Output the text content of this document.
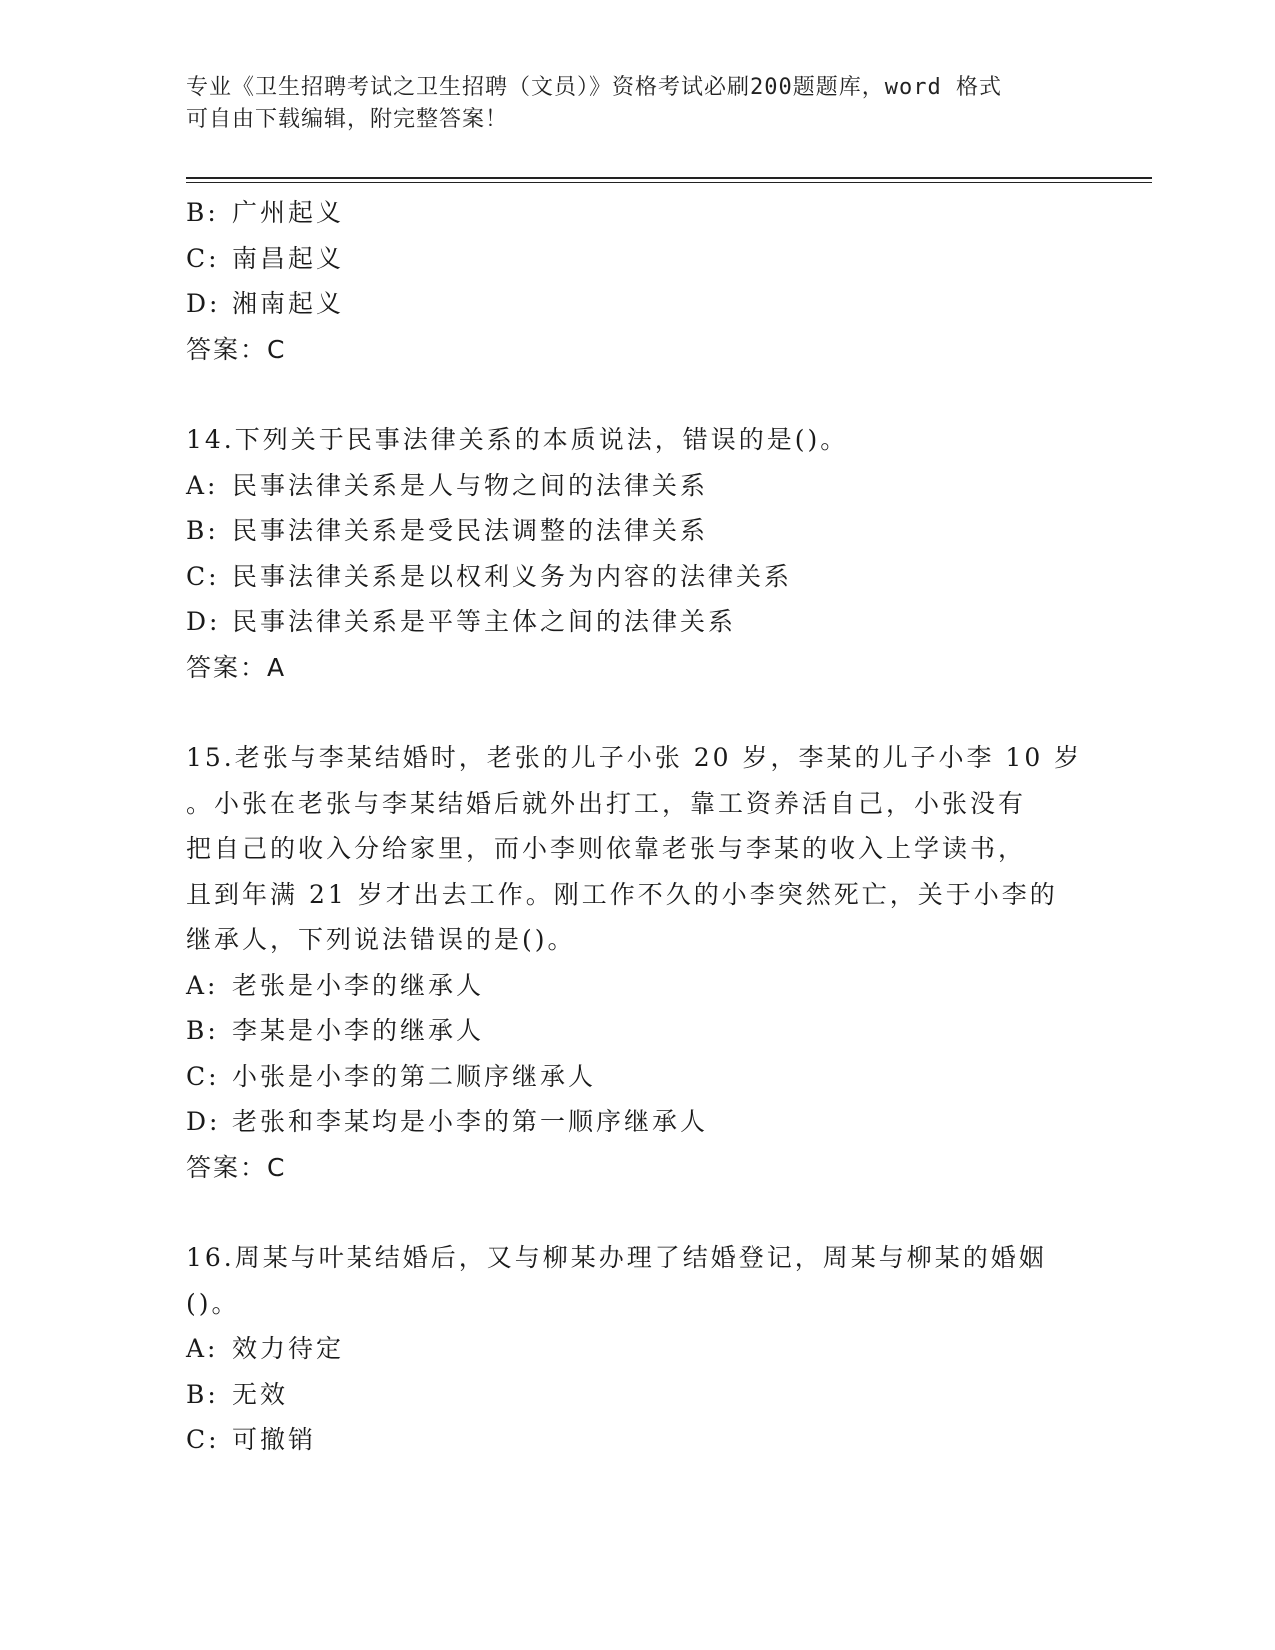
专业《卫生招聘考试之卫生招聘（文员）》资格考试必刷200题题库，word 格式
可自由下载编辑，附完整答案！
B: 广州起义
C: 南昌起义
D: 湘南起义
答案：C
14.下列关于民事法律关系的本质说法，错误的是()。
A: 民事法律关系是人与物之间的法律关系
B: 民事法律关系是受民法调整的法律关系
C: 民事法律关系是以权利义务为内容的法律关系
D: 民事法律关系是平等主体之间的法律关系
答案：A
15.老张与李某结婚时，老张的儿子小张 20 岁，李某的儿子小李 10 岁
。小张在老张与李某结婚后就外出打工，靠工资养活自己，小张没有
把自己的收入分给家里，而小李则依靠老张与李某的收入上学读书，
且到年满 21 岁才出去工作。刚工作不久的小李突然死亡，关于小李的
继承人，下列说法错误的是()。
A: 老张是小李的继承人
B: 李某是小李的继承人
C: 小张是小李的第二顺序继承人
D: 老张和李某均是小李的第一顺序继承人
答案：C
16.周某与叶某结婚后，又与柳某办理了结婚登记，周某与柳某的婚姻
()。
A: 效力待定
B: 无效
C: 可撤销
